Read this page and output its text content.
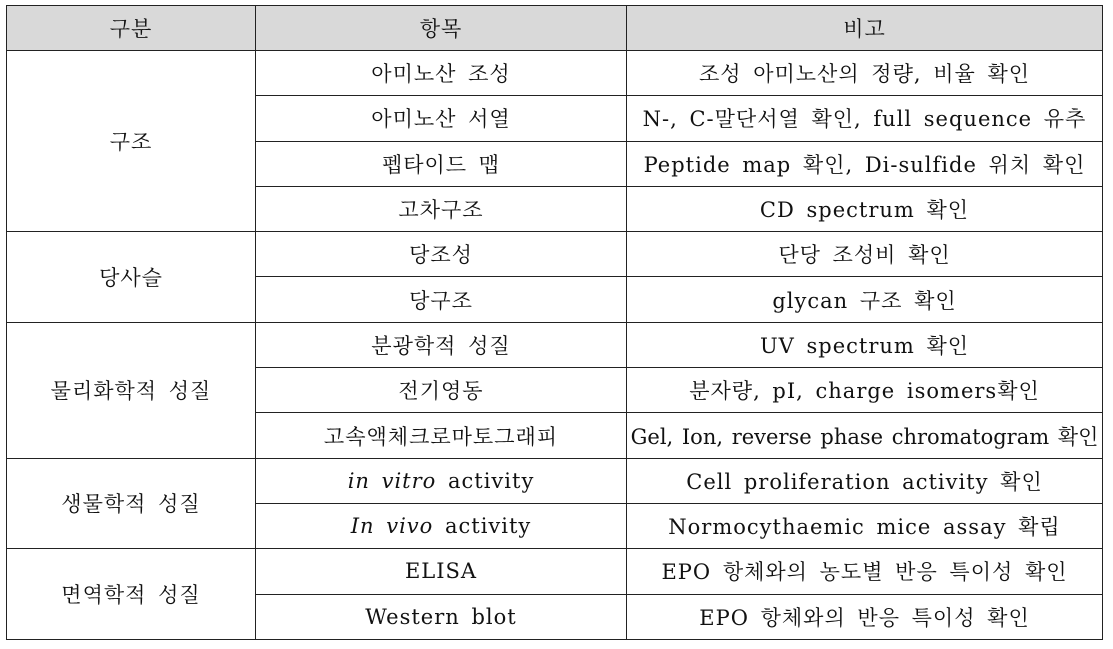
구분	항목	비고
구조	아미노산 조성	조성 아미노산의 정량, 비율 확인
	아미노산 서열	N-, C-말단서열 확인, full sequence 유추
	펩타이드 맵	Peptide map 확인, Di-sulfide 위치 확인
	고차구조	CD spectrum 확인
당사슬	당조성	단당 조성비 확인
	당구조	glycan 구조 확인
물리화학적 성질	분광학적 성질	UV spectrum 확인
	전기영동	분자량, pI, charge isomers확인
	고속액체크로마토그래피	Gel, Ion, reverse phase chromatogram 확인
생물학적 성질	in vitro activity	Cell proliferation activity 확인
	In vivo activity	Normocythaemic mice assay 확립
면역학적 성질	ELISA	EPO 항체와의 농도별 반응 특이성 확인
	Western blot	EPO 항체와의 반응 특이성 확인
